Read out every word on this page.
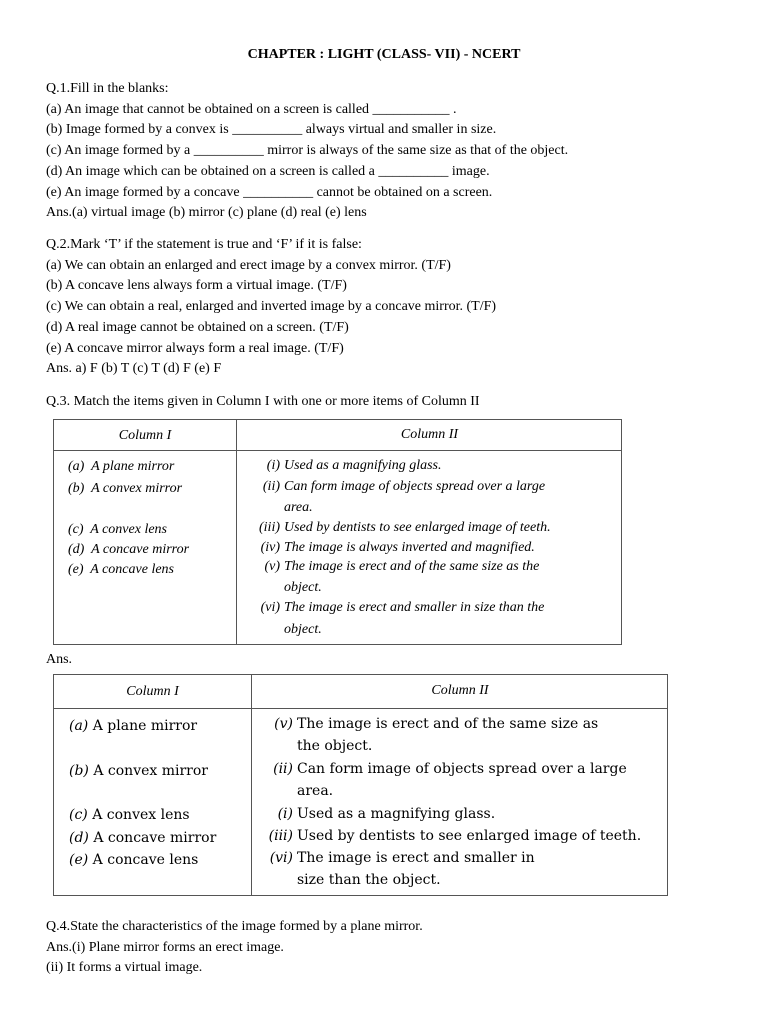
CHAPTER : LIGHT (CLASS- VII) - NCERT
Q.1.Fill in the blanks:
(a) An image that cannot be obtained on a screen is called ___________ .
(b) Image formed by a convex is __________ always virtual and smaller in size.
(c) An image formed by a __________ mirror is always of the same size as that of the object.
(d) An image which can be obtained on a screen is called a __________ image.
(e) An image formed by a concave __________ cannot be obtained on a screen.
Ans.(a) virtual image (b) mirror (c) plane (d) real (e) lens
Q.2.Mark ‘T’ if the statement is true and ‘F’ if it is false:
(a) We can obtain an enlarged and erect image by a convex mirror. (T/F)
(b) A concave lens always form a virtual image. (T/F)
(c) We can obtain a real, enlarged and inverted image by a concave mirror. (T/F)
(d) A real image cannot be obtained on a screen. (T/F)
(e) A concave mirror always form a real image. (T/F)
Ans. a) F (b) T (c) T (d) F (e) F
Q.3. Match the items given in Column I with one or more items of Column II
Column I	Column II
(a) A plane mirror
(b) A convex mirror
(c) A convex lens
(d) A concave mirror
(e) A concave lens
(i) Used as a magnifying glass.
(ii) Can form image of objects spread over a large
area.
(iii) Used by dentists to see enlarged image of teeth.
(iv) The image is always inverted and magnified.
(v) The image is erect and of the same size as the
object.
(vi) The image is erect and smaller in size than the
object.
Ans.
Column I	Column II
(a) A plane mirror
(b) A convex mirror
(c) A convex lens
(d) A concave mirror
(e) A concave lens
(v) The image is erect and of the same size as
the object.
(ii) Can form image of objects spread over a large
area.
(i) Used as a magnifying glass.
(iii) Used by dentists to see enlarged image of teeth.
(vi) The image is erect and smaller in
size than the object.
Q.4.State the characteristics of the image formed by a plane mirror.
Ans.(i) Plane mirror forms an erect image.
(ii) It forms a virtual image.
